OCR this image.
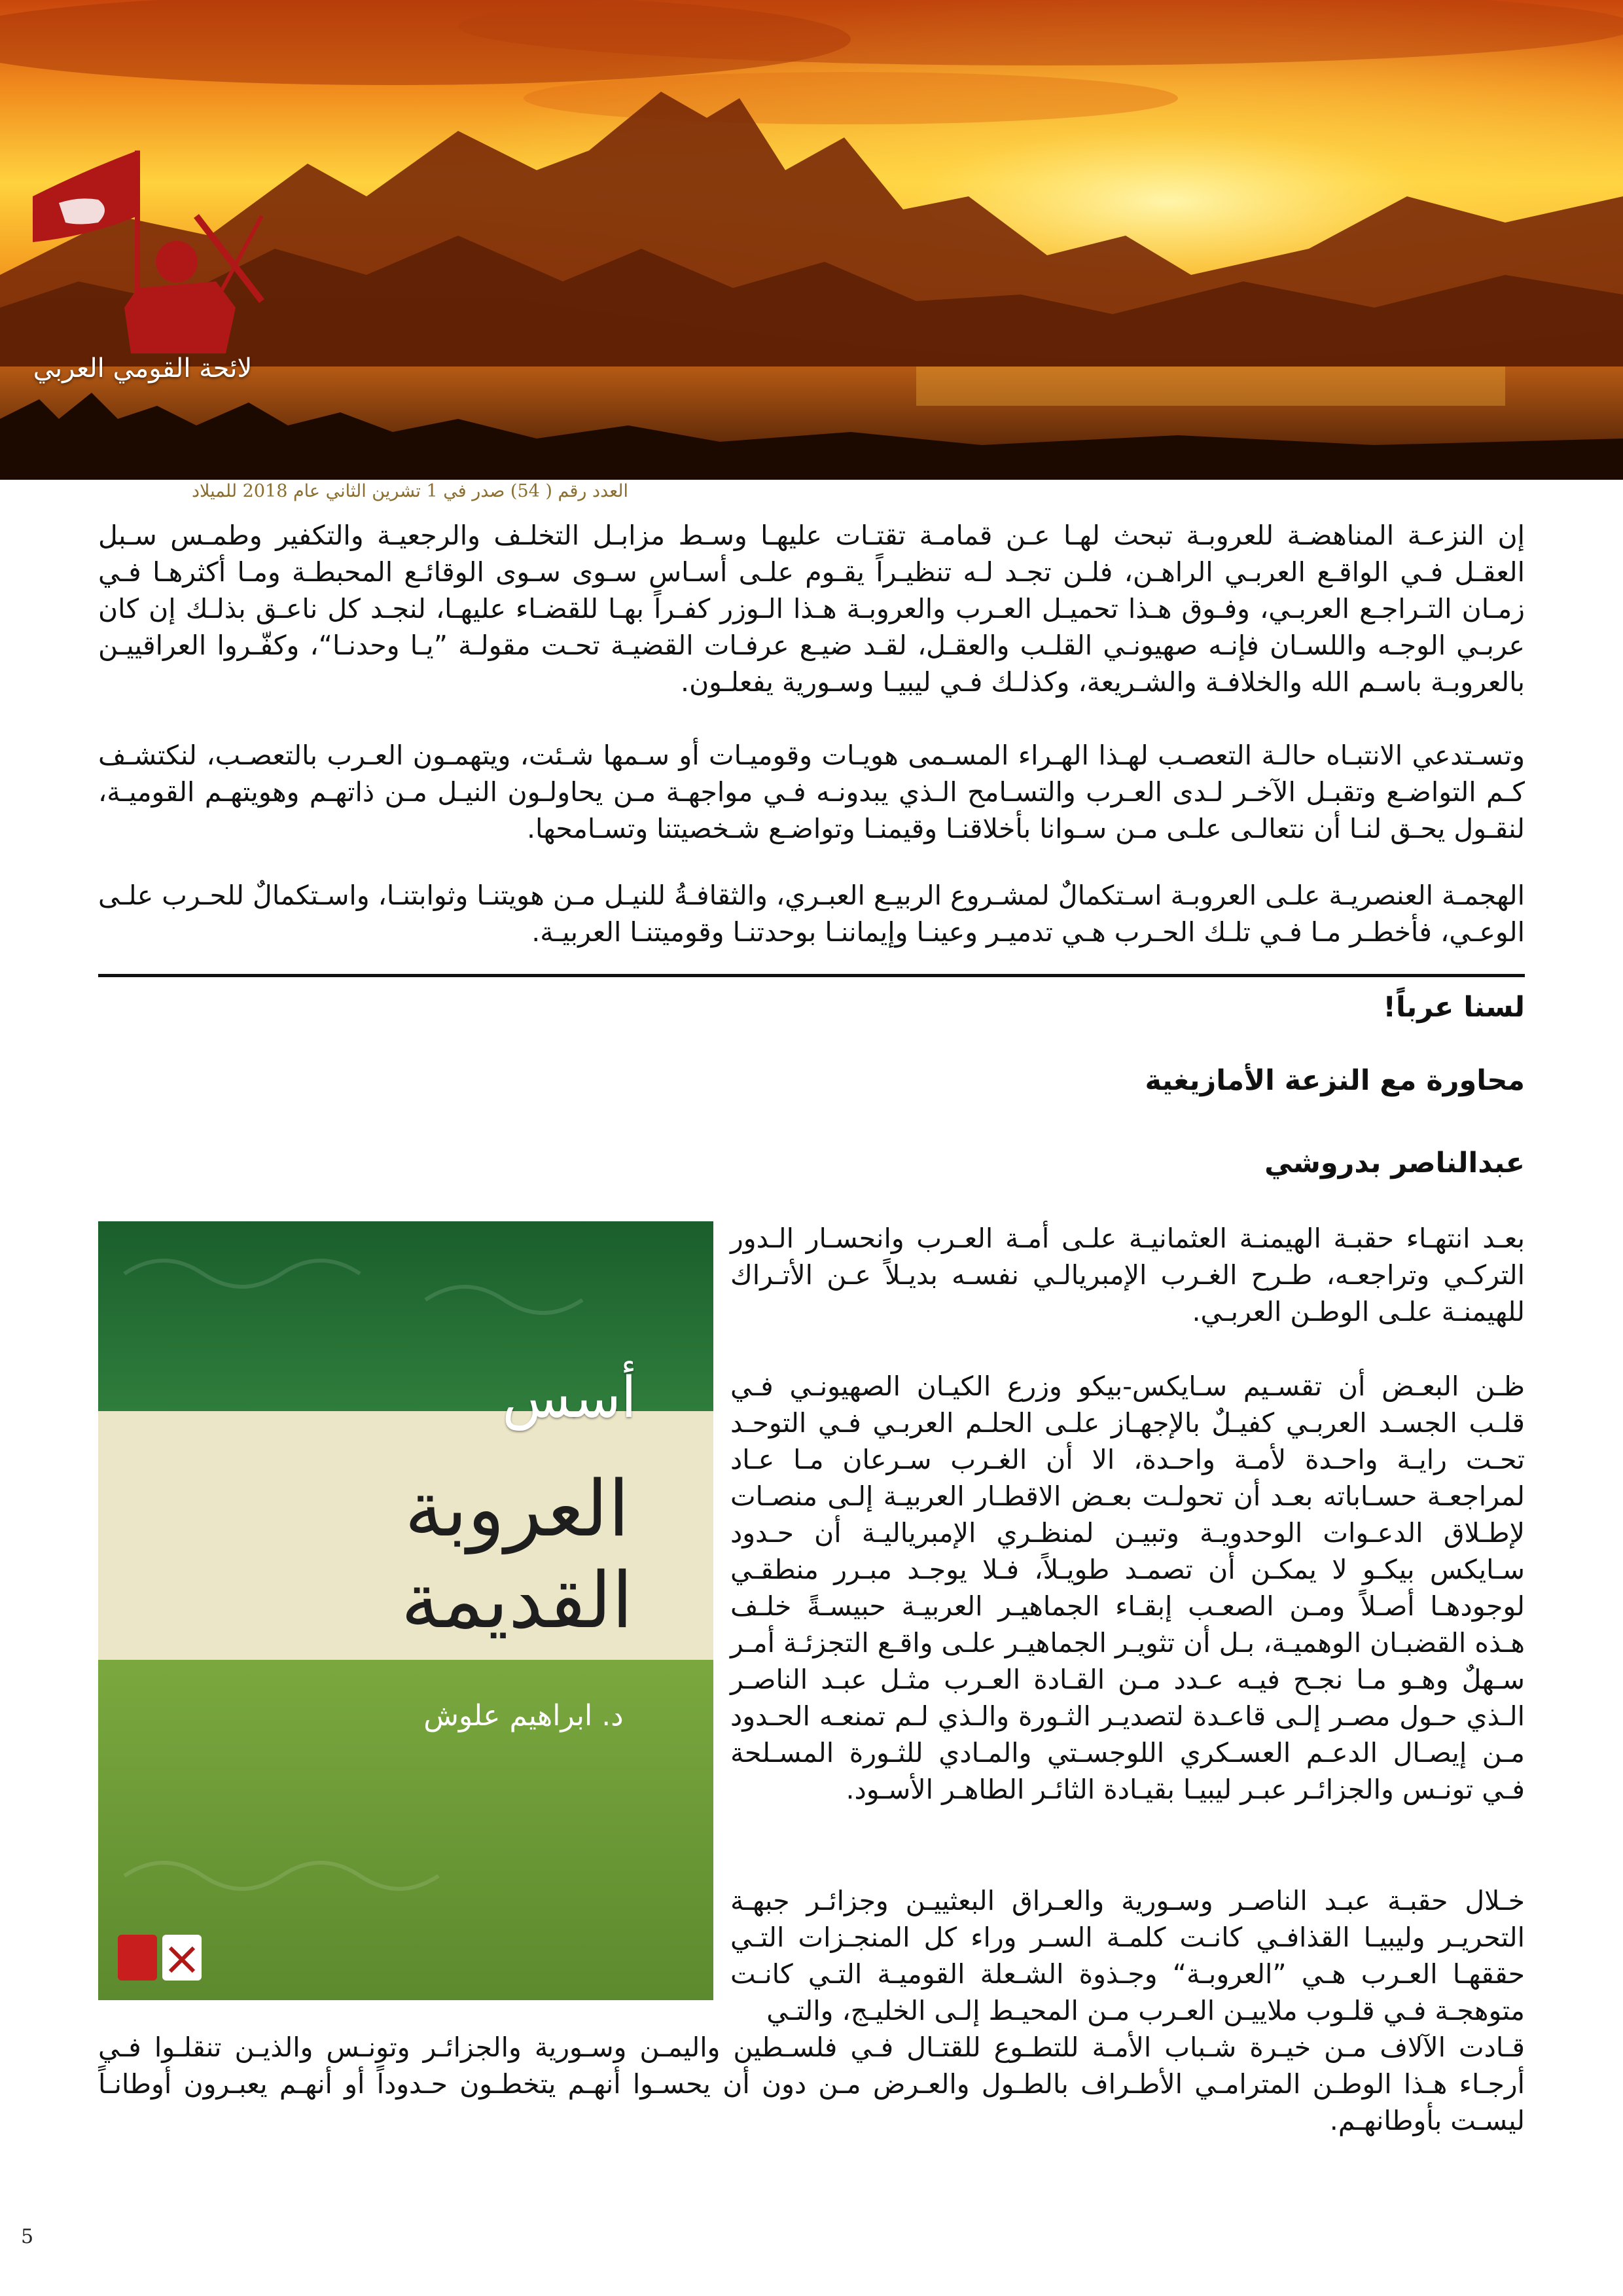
لائحة القومي العربي
العدد رقم ( 54) صدر في 1 تشرين الثاني عام 2018 للميلاد
إن النزعـة المناهضـة للعروبـة تبحث لهـا عـن قمامـة تقتـات عليهـا وسـط مزابـل التخلـف والرجعيـة والتكفير وطمـس سـبل العقـل فـي الواقـع العربـي الراهـن، فلـن تجـد لـه تنظيـراً يقـوم علـى أسـاس سـوى سـوى الوقائـع المحبطـة ومـا أكثرهـا فـي زمـان التـراجـع العربـي، وفـوق هـذا تحميـل العـرب والعروبـة هـذا الـوزر كفـراً بهـا للقضـاء عليهـا، لنجـد كل ناعـق بذلـك إن كان عربـي الوجـه واللسـان فإنـه صهيونـي القلـب والعقـل، لقـد ضيـع عرفـات القضيـة تحـت مقولـة ”يـا وحدنـا“، وكفّـروا العراقييـن بالعروبـة باسـم الله والخلافـة والشـريعة، وكذلـك فـي ليبيـا وسـورية يفعلـون.
وتسـتدعي الانتبـاه حالـة التعصـب لهـذا الهـراء المسـمى هويـات وقوميـات أو سـمها شـئت، ويتهمـون العـرب بالتعصـب، لنكتشـف كـم التواضـع وتقبـل الآخـر لـدى العـرب والتسـامح الـذي يبدونـه فـي مواجهـة مـن يحاولـون النيـل مـن ذاتهـم وهويتهـم القوميـة، لنقـول يحـق لنـا أن نتعالـى علـى مـن سـوانا بأخلاقنـا وقيمنـا وتواضـع شـخصيتنا وتسـامحها.
الهجمـة العنصريـة علـى العروبـة اسـتكمالٌ لمشـروع الربيـع العبـري، والثقافـةُ للنيـل مـن هويتنـا وثوابتنـا، واسـتكمالٌ للحـرب علـى الوعـي، فأخطـر مـا فـي تلـك الحـرب هـي تدميـر وعينـا وإيماننـا بوحدتنـا وقوميتنـا العربيـة.
لسنا عرباً!
محاورة مع النزعة الأمازيغية
عبدالناصر بدروشي
أسس
العروبة
القديمة
د. ابراهيم علوش
بعـد انتهـاء حقبـة الهيمنـة العثمانيـة علـى أمـة العـرب وانحسـار الـدور التركـي وتراجعـه، طـرح الغـرب الإمبريالـي نفسـه بديـلاً عـن الأتـراك للهيمنـة علـى الوطـن العربـي.
ظـن البعـض أن تقسـيم سـايكس-بيكو وزرع الكيـان الصهيونـي فـي قلـب الجسـد العربـي كفيـلٌ بالإجهـاز علـى الحلـم العربـي فـي التوحـد تحـت رايـة واحـدة لأمـة واحـدة، الا أن الغـرب سـرعان مـا عـاد لمراجعـة حسـاباته بعـد أن تحولـت بعـض الاقطـار العربيـة إلـى منصـات لإطـلاق الدعـوات الوحدويـة وتبيـن لمنظـري الإمبرياليـة أن حـدود سـايكس بيكـو لا يمكـن أن تصمـد طويـلاً، فـلا يوجـد مبـرر منطقـي لوجودهـا أصـلاً ومـن الصعـب إبقـاء الجماهيـر العربيـة حبيسـةً خلـف هـذه القضبـان الوهميـة، بـل أن تثويـر الجماهيـر علـى واقـع التجزئـة أمـر سـهلٌ وهـو مـا نجـح فيـه عـدد مـن القـادة العـرب مثـل عبـد الناصـر الـذي حـول مصـر إلـى قاعـدة لتصديـر الثـورة والـذي لـم تمنعـه الحـدود مـن إيصـال الدعـم العسـكري اللوجسـتي والمـادي للثـورة المسـلحة فـي تونـس والجزائـر عبـر ليبيـا بقيـادة الثائـر الطاهـر الأسـود.
خـلال حقبـة عبـد الناصـر وسـورية والعـراق البعثييـن وجزائـر جبهـة التحريـر وليبيـا القذافـي كانـت كلمـة السـر وراء كل المنجـزات التـي حققهـا العـرب هـي ”العروبـة“ وجـذوة الشـعلة القوميـة التـي كانـت متوهجـة فـي قلـوب ملاييـن العـرب مـن المحيـط إلـى الخليـج، والتـي
قـادت الآلاف مـن خيـرة شـباب الأمـة للتطـوع للقتـال فـي فلسـطين واليمـن وسـورية والجزائـر وتونـس والذيـن تنقلـوا فـي أرجـاء هـذا الوطـن المترامـي الأطـراف بالطـول والعـرض مـن دون أن يحسـوا أنهـم يتخطـون حـدوداً أو أنهـم يعبـرون أوطانـاً ليسـت بأوطانهـم.
5
